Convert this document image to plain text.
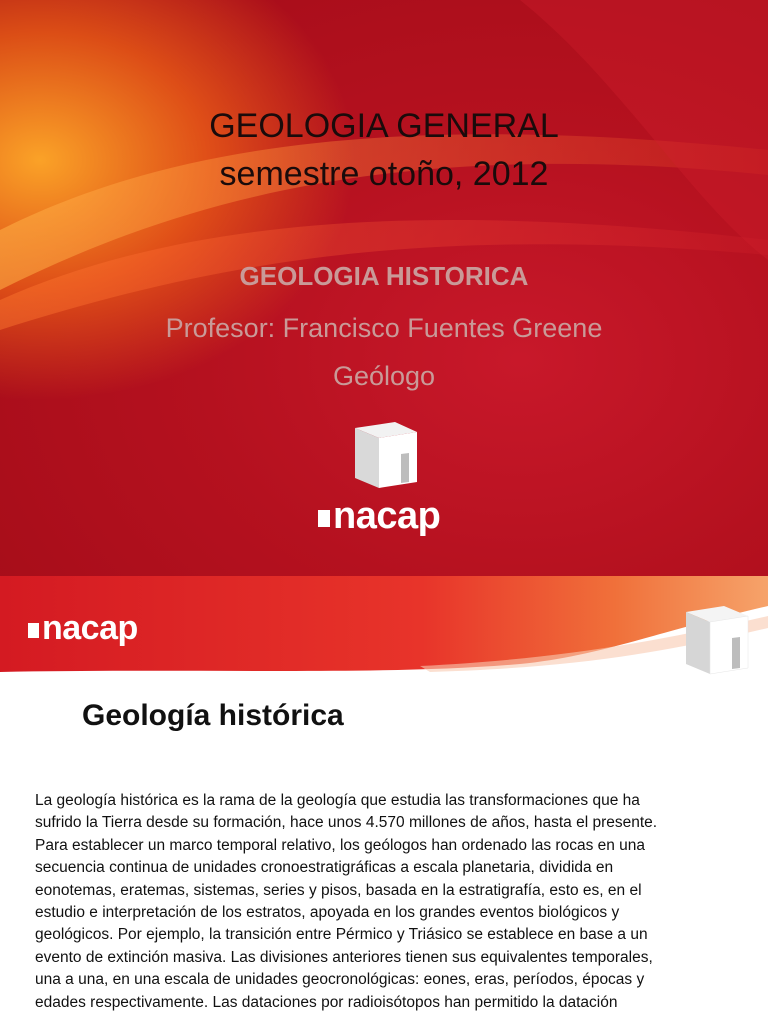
GEOLOGIA GENERAL
semestre otoño, 2012
GEOLOGIA HISTORICA
Profesor: Francisco Fuentes Greene
Geólogo
nacap
nacap
Geología histórica
La geología histórica es la rama de la geología que estudia las transformaciones que ha
sufrido la Tierra desde su formación, hace unos 4.570 millones de años, hasta el presente.
Para establecer un marco temporal relativo, los geólogos han ordenado las rocas en una
secuencia continua de unidades cronoestratigráficas a escala planetaria, dividida en
eonotemas, eratemas, sistemas, series y pisos, basada en la estratigrafía, esto es, en el
estudio e interpretación de los estratos, apoyada en los grandes eventos biológicos y
geológicos. Por ejemplo, la transición entre Pérmico y Triásico se establece en base a un
evento de extinción masiva. Las divisiones anteriores tienen sus equivalentes temporales,
una a una, en una escala de unidades geocronológicas: eones, eras, períodos, épocas y
edades respectivamente. Las dataciones por radioisótopos han permitido la datación
